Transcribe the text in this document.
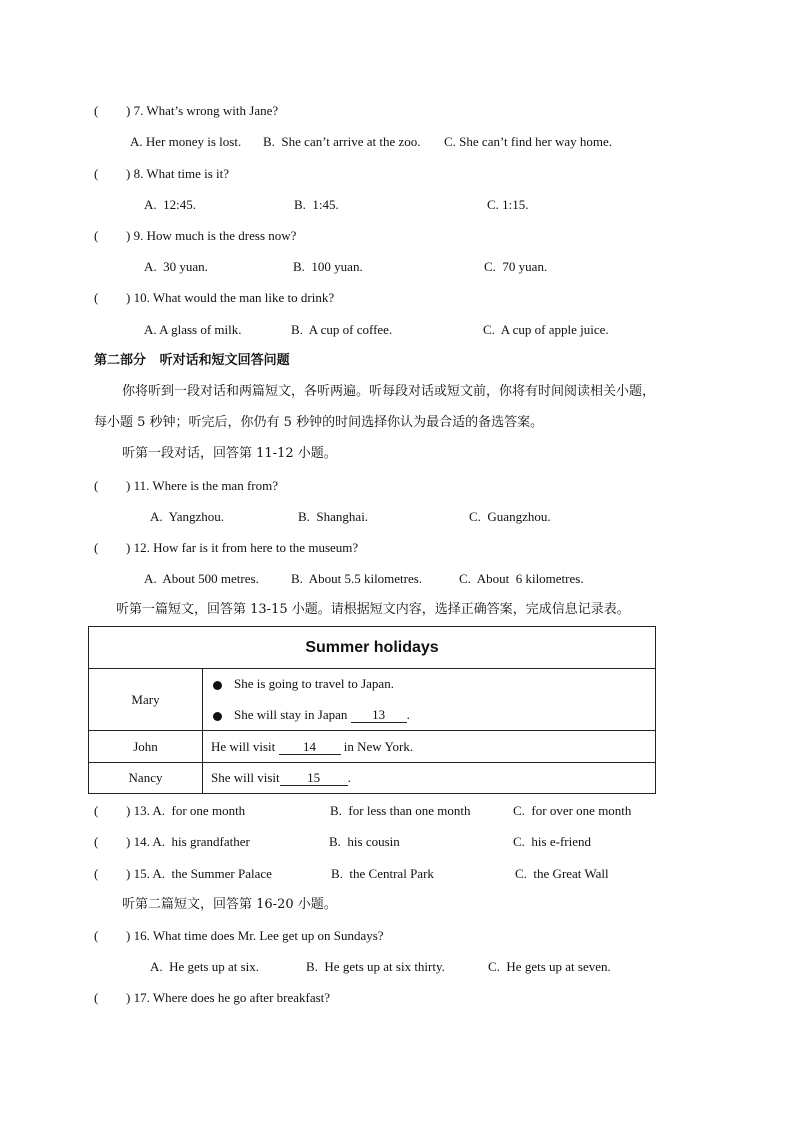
(	) 7. What’s wrong with Jane?
A. Her money is lost. B.  She can’t arrive at the zoo. C. She can’t find her way home.
(	) 8. What time is it?
A.  12:45.	B.  1:45.	C. 1:15.
(	) 9. How much is the dress now?
A.  30 yuan.	B.  100 yuan.	C.  70 yuan.
(	) 10. What would the man like to drink?
A. A glass of milk.	B.  A cup of coffee.	C.  A cup of apple juice.
第二部分   听对话和短文回答问题
你将听到一段对话和两篇短文，各听两遍。听每段对话或短文前，你将有时间阅读相关小题，
每小题 5 秒钟；听完后，你仍有 5 秒钟的时间选择你认为最合适的备选答案。
听第一段对话，回答第 11-12 小题。
(	) 11. Where is the man from?
A.  Yangzhou.	B.  Shanghai.	C.  Guangzhou.
(	) 12. How far is it from here to the museum?
A.  About 500 metres. B.  About 5.5 kilometres.	C.  About  6 kilometres.
听第一篇短文，回答第 13-15 小题。请根据短文内容，选择正确答案，完成信息记录表。
Summer holidays	
Mary	She is going to travel to Japan.
She will stay in Japan 13 .

John	He will visit 14 in New York.
Nancy	She will visit 15 .
(	) 13. A.  for one month	B.  for less than one month	C.  for over one month
(	) 14. A.  his grandfather	B.  his cousin	C.  his e-friend
(	) 15. A.  the Summer Palace	B.  the Central Park	C.  the Great Wall
听第二篇短文，回答第 16-20 小题。
(	) 16. What time does Mr. Lee get up on Sundays?
A.  He gets up at six.	B.  He gets up at six thirty.	C.  He gets up at seven.
(	) 17. Where does he go after breakfast?
